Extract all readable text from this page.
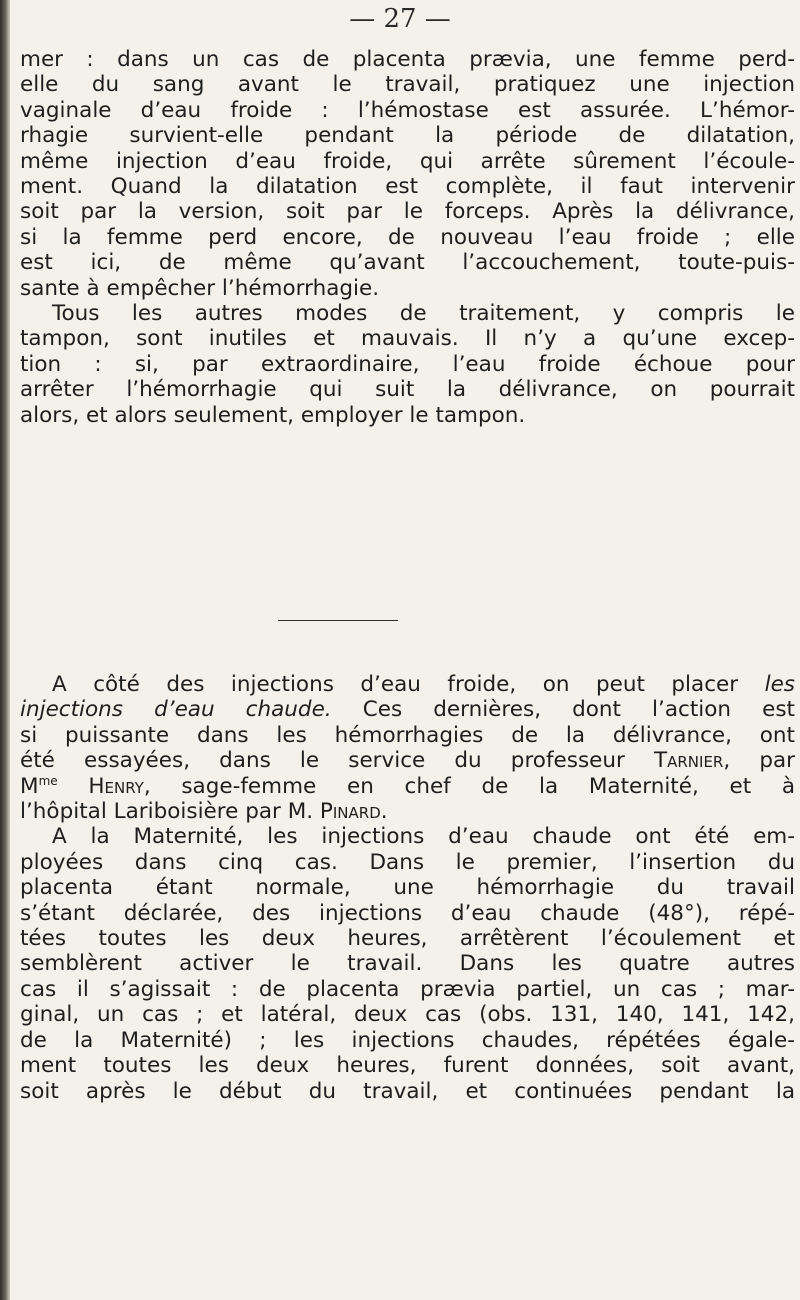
— 27 —
mer : dans un cas de placenta prævia, une femme perd-
elle du sang avant le travail, pratiquez une injection
vaginale d’eau froide : l’hémostase est assurée. L’hémor-
rhagie survient-elle pendant la période de dilatation,
même injection d’eau froide, qui arrête sûrement l’écoule-
ment. Quand la dilatation est complète, il faut intervenir
soit par la version, soit par le forceps. Après la délivrance,
si la femme perd encore, de nouveau l’eau froide ; elle
est ici, de même qu’avant l’accouchement, toute-puis-
sante à empêcher l’hémorrhagie.
Tous les autres modes de traitement, y compris le
tampon, sont inutiles et mauvais. Il n’y a qu’une excep-
tion : si, par extraordinaire, l’eau froide échoue pour
arrêter l’hémorrhagie qui suit la délivrance, on pourrait
alors, et alors seulement, employer le tampon.
A côté des injections d’eau froide, on peut placer les
injections d’eau chaude. Ces dernières, dont l’action est
si puissante dans les hémorrhagies de la délivrance, ont
été essayées, dans le service du professeur Tarnier, par
$M^{me}$ Henry, sage-femme en chef de la Maternité, et à
l’hôpital Lariboisière par M. Pinard.
A la Maternité, les injections d’eau chaude ont été em-
ployées dans cinq cas. Dans le premier, l’insertion du
placenta étant normale, une hémorrhagie du travail
s’étant déclarée, des injections d’eau chaude (48°), répé-
tées toutes les deux heures, arrêtèrent l’écoulement et
semblèrent activer le travail. Dans les quatre autres
cas il s’agissait : de placenta prævia partiel, un cas ; mar-
ginal, un cas ; et latéral, deux cas (obs. 131, 140, 141, 142,
de la Maternité) ; les injections chaudes, répétées égale-
ment toutes les deux heures, furent données, soit avant,
soit après le début du travail, et continuées pendant la
